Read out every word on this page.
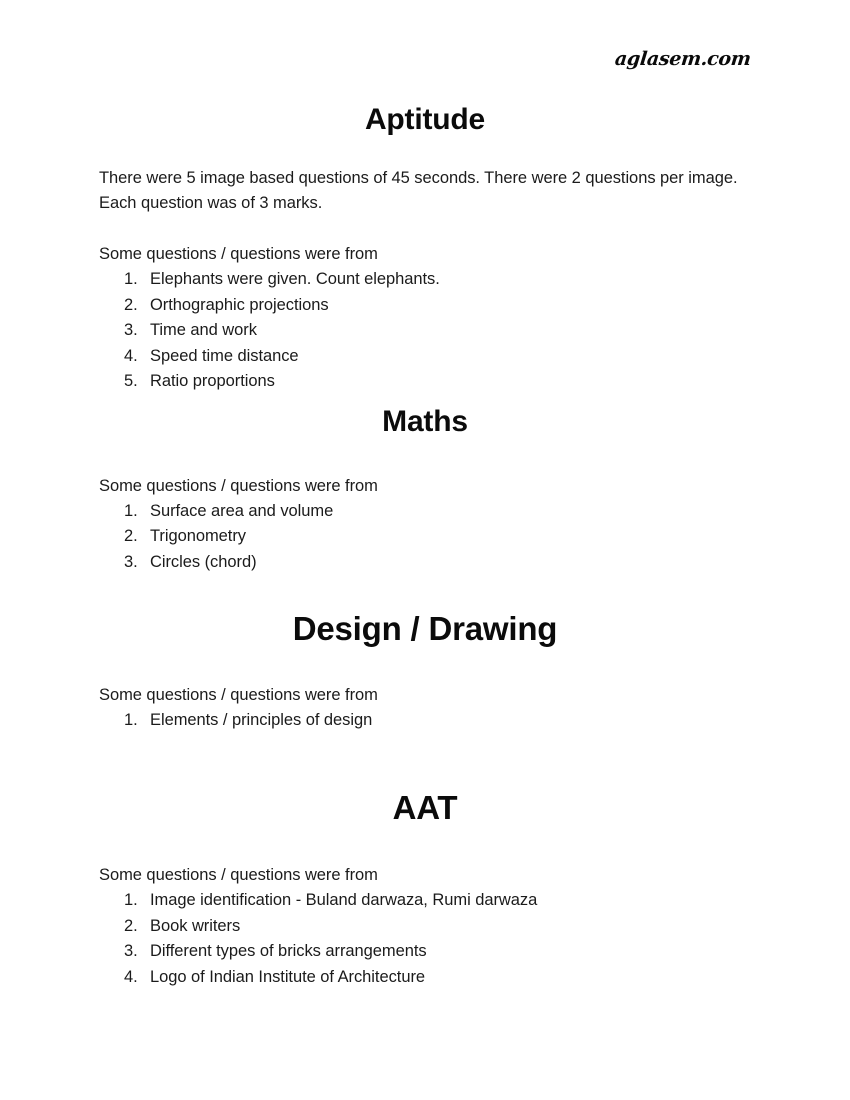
aglasem.com
Aptitude

There were 5 image based questions of 45 seconds. There were 2 questions per image. Each question was of 3 marks.

Some questions / questions were from

1. Elephants were given. Count elephants.
2. Orthographic projections
3. Time and work
4. Speed time distance
5. Ratio proportions
Maths

Some questions / questions were from

1. Surface area and volume
2. Trigonometry
3. Circles (chord)
Design / Drawing

Some questions / questions were from

1. Elements / principles of design
AAT

Some questions / questions were from

1. Image identification - Buland darwaza, Rumi darwaza
2. Book writers
3. Different types of bricks arrangements
4. Logo of Indian Institute of Architecture
